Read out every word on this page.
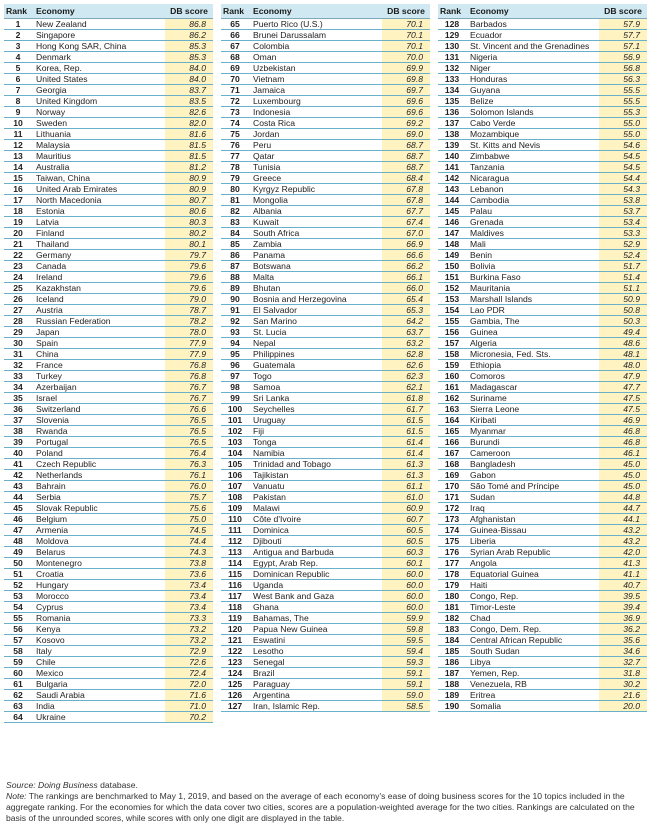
Rank	Economy	DB score
1	New Zealand	86.8
2	Singapore	86.2
3	Hong Kong SAR, China	85.3
4	Denmark	85.3
5	Korea, Rep.	84.0
6	United States	84.0
7	Georgia	83.7
8	United Kingdom	83.5
9	Norway	82.6
10	Sweden	82.0
11	Lithuania	81.6
12	Malaysia	81.5
13	Mauritius	81.5
14	Australia	81.2
15	Taiwan, China	80.9
16	United Arab Emirates	80.9
17	North Macedonia	80.7
18	Estonia	80.6
19	Latvia	80.3
20	Finland	80.2
21	Thailand	80.1
22	Germany	79.7
23	Canada	79.6
24	Ireland	79.6
25	Kazakhstan	79.6
26	Iceland	79.0
27	Austria	78.7
28	Russian Federation	78.2
29	Japan	78.0
30	Spain	77.9
31	China	77.9
32	France	76.8
33	Turkey	76.8
34	Azerbaijan	76.7
35	Israel	76.7
36	Switzerland	76.6
37	Slovenia	76.5
38	Rwanda	76.5
39	Portugal	76.5
40	Poland	76.4
41	Czech Republic	76.3
42	Netherlands	76.1
43	Bahrain	76.0
44	Serbia	75.7
45	Slovak Republic	75.6
46	Belgium	75.0
47	Armenia	74.5
48	Moldova	74.4
49	Belarus	74.3
50	Montenegro	73.8
51	Croatia	73.6
52	Hungary	73.4
53	Morocco	73.4
54	Cyprus	73.4
55	Romania	73.3
56	Kenya	73.2
57	Kosovo	73.2
58	Italy	72.9
59	Chile	72.6
60	Mexico	72.4
61	Bulgaria	72.0
62	Saudi Arabia	71.6
63	India	71.0
64	Ukraine	70.2
Rank	Economy	DB score
65	Puerto Rico (U.S.)	70.1
66	Brunei Darussalam	70.1
67	Colombia	70.1
68	Oman	70.0
69	Uzbekistan	69.9
70	Vietnam	69.8
71	Jamaica	69.7
72	Luxembourg	69.6
73	Indonesia	69.6
74	Costa Rica	69.2
75	Jordan	69.0
76	Peru	68.7
77	Qatar	68.7
78	Tunisia	68.7
79	Greece	68.4
80	Kyrgyz Republic	67.8
81	Mongolia	67.8
82	Albania	67.7
83	Kuwait	67.4
84	South Africa	67.0
85	Zambia	66.9
86	Panama	66.6
87	Botswana	66.2
88	Malta	66.1
89	Bhutan	66.0
90	Bosnia and Herzegovina	65.4
91	El Salvador	65.3
92	San Marino	64.2
93	St. Lucia	63.7
94	Nepal	63.2
95	Philippines	62.8
96	Guatemala	62.6
97	Togo	62.3
98	Samoa	62.1
99	Sri Lanka	61.8
100	Seychelles	61.7
101	Uruguay	61.5
102	Fiji	61.5
103	Tonga	61.4
104	Namibia	61.4
105	Trinidad and Tobago	61.3
106	Tajikistan	61.3
107	Vanuatu	61.1
108	Pakistan	61.0
109	Malawi	60.9
110	Côte d'Ivoire	60.7
111	Dominica	60.5
112	Djibouti	60.5
113	Antigua and Barbuda	60.3
114	Egypt, Arab Rep.	60.1
115	Dominican Republic	60.0
116	Uganda	60.0
117	West Bank and Gaza	60.0
118	Ghana	60.0
119	Bahamas, The	59.9
120	Papua New Guinea	59.8
121	Eswatini	59.5
122	Lesotho	59.4
123	Senegal	59.3
124	Brazil	59.1
125	Paraguay	59.1
126	Argentina	59.0
127	Iran, Islamic Rep.	58.5
Rank	Economy	DB score
128	Barbados	57.9
129	Ecuador	57.7
130	St. Vincent and the Grenadines	57.1
131	Nigeria	56.9
132	Niger	56.8
133	Honduras	56.3
134	Guyana	55.5
135	Belize	55.5
136	Solomon Islands	55.3
137	Cabo Verde	55.0
138	Mozambique	55.0
139	St. Kitts and Nevis	54.6
140	Zimbabwe	54.5
141	Tanzania	54.5
142	Nicaragua	54.4
143	Lebanon	54.3
144	Cambodia	53.8
145	Palau	53.7
146	Grenada	53.4
147	Maldives	53.3
148	Mali	52.9
149	Benin	52.4
150	Bolivia	51.7
151	Burkina Faso	51.4
152	Mauritania	51.1
153	Marshall Islands	50.9
154	Lao PDR	50.8
155	Gambia, The	50.3
156	Guinea	49.4
157	Algeria	48.6
158	Micronesia, Fed. Sts.	48.1
159	Ethiopia	48.0
160	Comoros	47.9
161	Madagascar	47.7
162	Suriname	47.5
163	Sierra Leone	47.5
164	Kiribati	46.9
165	Myanmar	46.8
166	Burundi	46.8
167	Cameroon	46.1
168	Bangladesh	45.0
169	Gabon	45.0
170	São Tomé and Príncipe	45.0
171	Sudan	44.8
172	Iraq	44.7
173	Afghanistan	44.1
174	Guinea-Bissau	43.2
175	Liberia	43.2
176	Syrian Arab Republic	42.0
177	Angola	41.3
178	Equatorial Guinea	41.1
179	Haiti	40.7
180	Congo, Rep.	39.5
181	Timor-Leste	39.4
182	Chad	36.9
183	Congo, Dem. Rep.	36.2
184	Central African Republic	35.6
185	South Sudan	34.6
186	Libya	32.7
187	Yemen, Rep.	31.8
188	Venezuela, RB	30.2
189	Eritrea	21.6
190	Somalia	20.0

Source: Doing Business database.

Note: The rankings are benchmarked to May 1, 2019, and based on the average of each economy's ease of doing business scores for the 10 topics included in the aggregate ranking. For the economies for which the data cover two cities, scores are a population-weighted average for the two cities. Rankings are calculated on the basis of the unrounded scores, while scores with only one digit are displayed in the table.
